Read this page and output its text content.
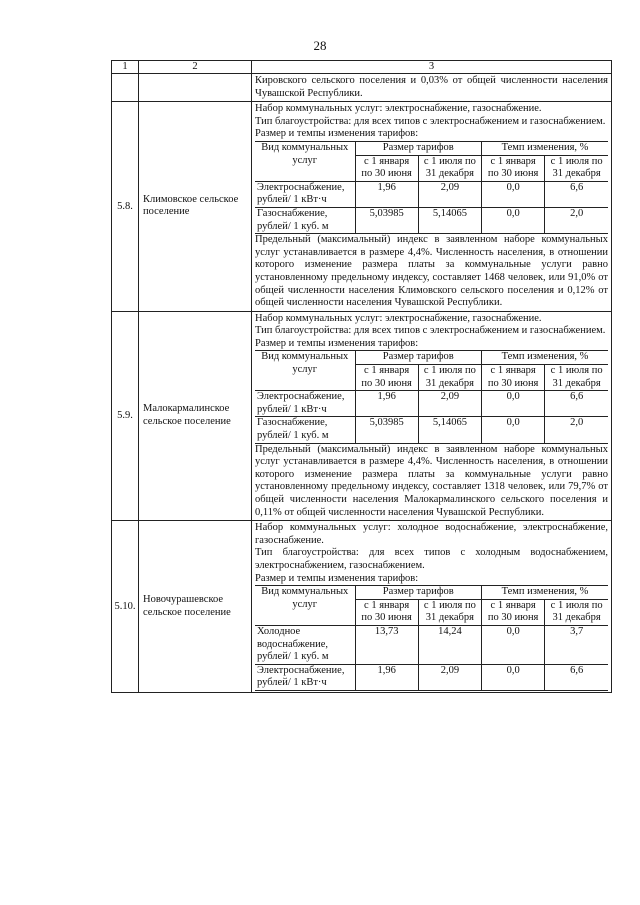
28
1	2	3
		Кировского сельского поселения и 0,03% от общей численности населения Чувашской Республики.
5.8.	Климовское сельское поселение	

Набор коммунальных услуг: электроснабжение, газоснабжение.

Тип благоустройства: для всех типов с электроснабжением и газоснабжением.

Размер и темпы изменения тарифов:

Вид коммунальных услуг	Размер тарифов	Темп изменения, %
с 1 января по 30 июня	с 1 июля по 31 декабря	с 1 января по 30 июня	с 1 июля по 31 декабря
Электроснабжение, рублей/ 1 кВт·ч	1,96	2,09	0,0	6,6
Газоснабжение, рублей/ 1 куб. м	5,03985	5,14065	0,0	2,0

Предельный (максимальный) индекс в заявленном наборе коммунальных услуг устанавливается в размере 4,4%. Численность населения, в отношении которого изменение размера платы за коммунальные услуги равно установленному предельному индексу, составляет 1468 человек, или 91,0% от общей численности населения Климовского сельского поселения и 0,12% от общей численности населения Чувашской Республики.

5.9.	Малокармалинское сельское поселение	

Набор коммунальных услуг: электроснабжение, газоснабжение.

Тип благоустройства: для всех типов с электроснабжением и газоснабжением.

Размер и темпы изменения тарифов:

Вид коммунальных услуг	Размер тарифов	Темп изменения, %
с 1 января по 30 июня	с 1 июля по 31 декабря	с 1 января по 30 июня	с 1 июля по 31 декабря
Электроснабжение, рублей/ 1 кВт·ч	1,96	2,09	0,0	6,6
Газоснабжение, рублей/ 1 куб. м	5,03985	5,14065	0,0	2,0

Предельный (максимальный) индекс в заявленном наборе коммунальных услуг устанавливается в размере 4,4%. Численность населения, в отношении которого изменение размера платы за коммунальные услуги равно установленному предельному индексу, составляет 1318 человек, или 79,7% от общей численности населения Малокармалинского сельского поселения и 0,11% от общей численности населения Чувашской Республики.

5.10.	Новочурашевское сельское поселение	

Набор коммунальных услуг: холодное водоснабжение, электроснабжение, газоснабжение.

Тип благоустройства: для всех типов с холодным водоснабжением, электроснабжением, газоснабжением.

Размер и темпы изменения тарифов:

Вид коммунальных услуг	Размер тарифов	Темп изменения, %
с 1 января по 30 июня	с 1 июля по 31 декабря	с 1 января по 30 июня	с 1 июля по 31 декабря
Холодное водоснабжение, рублей/ 1 куб. м	13,73	14,24	0,0	3,7
Электроснабжение, рублей/ 1 кВт·ч	1,96	2,09	0,0	6,6
